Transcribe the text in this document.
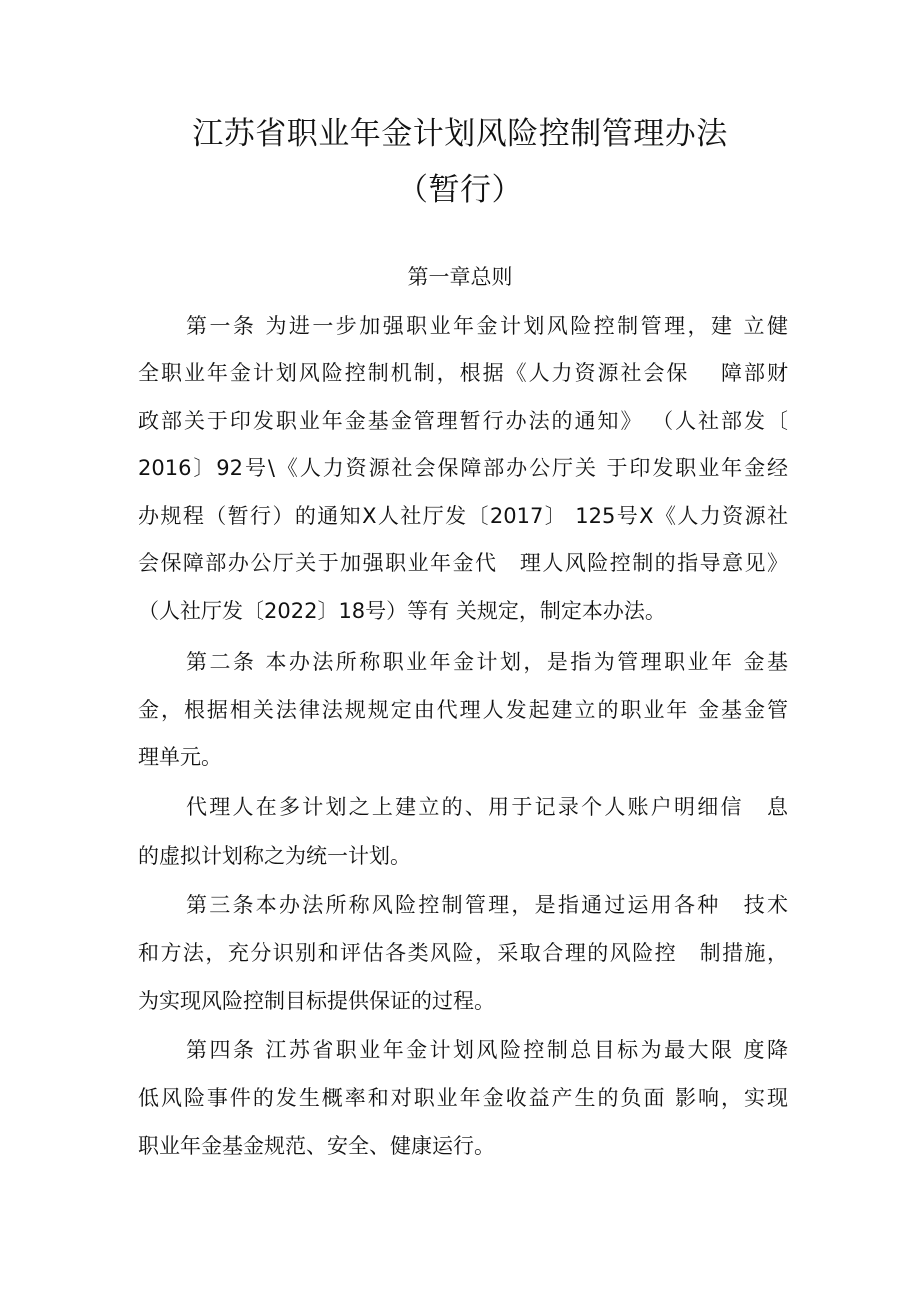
江苏省职业年金计划风险控制管理办法
（暂行）
第一章总则

第一条 为进一步加强职业年金计划风险控制管理，建 立健

全职业年金计划风险控制机制，根据《人力资源社会保　 障部财

政部关于印发职业年金基金管理暂行办法的通知》 （人社部发〔

2016〕92号\《人力资源社会保障部办公厅关 于印发职业年金经

办规程（暂行）的通知X人社厅发〔2017〕 125号X《人力资源社

会保障部办公厅关于加强职业年金代　理人风险控制的指导意见》

（人社厅发〔2022〕18号）等有 关规定，制定本办法。

第二条 本办法所称职业年金计划，是指为管理职业年 金基

金，根据相关法律法规规定由代理人发起建立的职业年 金基金管

理单元。

代理人在多计划之上建立的、用于记录个人账户明细信　息

的虚拟计划称之为统一计划。

第三条本办法所称风险控制管理，是指通过运用各种　技术

和方法，充分识别和评估各类风险，采取合理的风险控　制措施，

为实现风险控制目标提供保证的过程。

第四条 江苏省职业年金计划风险控制总目标为最大限 度降

低风险事件的发生概率和对职业年金收益产生的负面 影响，实现

职业年金基金规范、安全、健康运行。
